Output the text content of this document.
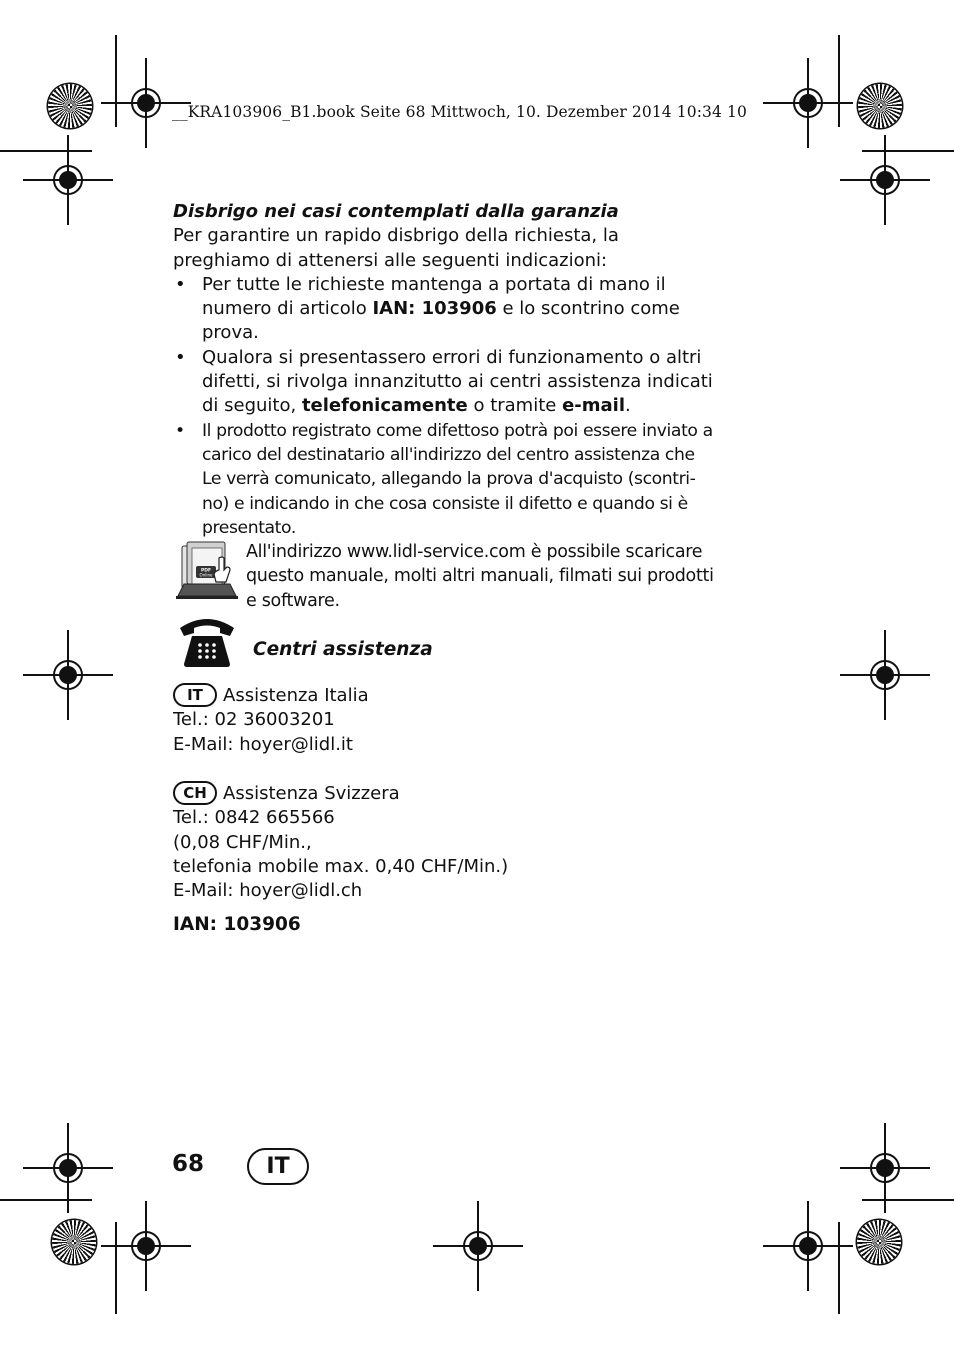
__KRA103906_B1.book Seite 68 Mittwoch, 10. Dezember 2014 10:34 10

Disbrigo nei casi contemplati dalla garanzia

Per garantire un rapido disbrigo della richiesta, la preghiamo di attenersi alle seguenti indicazioni:

• Per tutte le richieste mantenga a portata di mano il numero di articolo IAN: 103906 e lo scontrino come prova.
• Qualora si presentassero errori di funzionamento o altri difetti, si rivolga innanzitutto ai centri assistenza indicati di seguito, telefonicamente o tramite e-mail.
• Il prodotto registrato come difettoso potrà poi essere inviato a carico del destinatario all'indirizzo del centro assistenza che Le verrà comunicato, allegando la prova d'acquisto (scontri-no) e indicando in che cosa consiste il difetto e quando si è presentato.
PDF
Online
All'indirizzo www.lidl-service.com è possibile scaricare questo manuale, molti altri manuali, filmati sui prodotti e software.
Centri assistenza

IT Assistenza Italia

Tel.: 02 36003201

E-Mail: hoyer@lidl.it

CH Assistenza Svizzera

Tel.: 0842 665566

(0,08 CHF/Min.,

telefonia mobile max. 0,40 CHF/Min.)

E-Mail: hoyer@lidl.ch

IAN: 103906
68	IT
